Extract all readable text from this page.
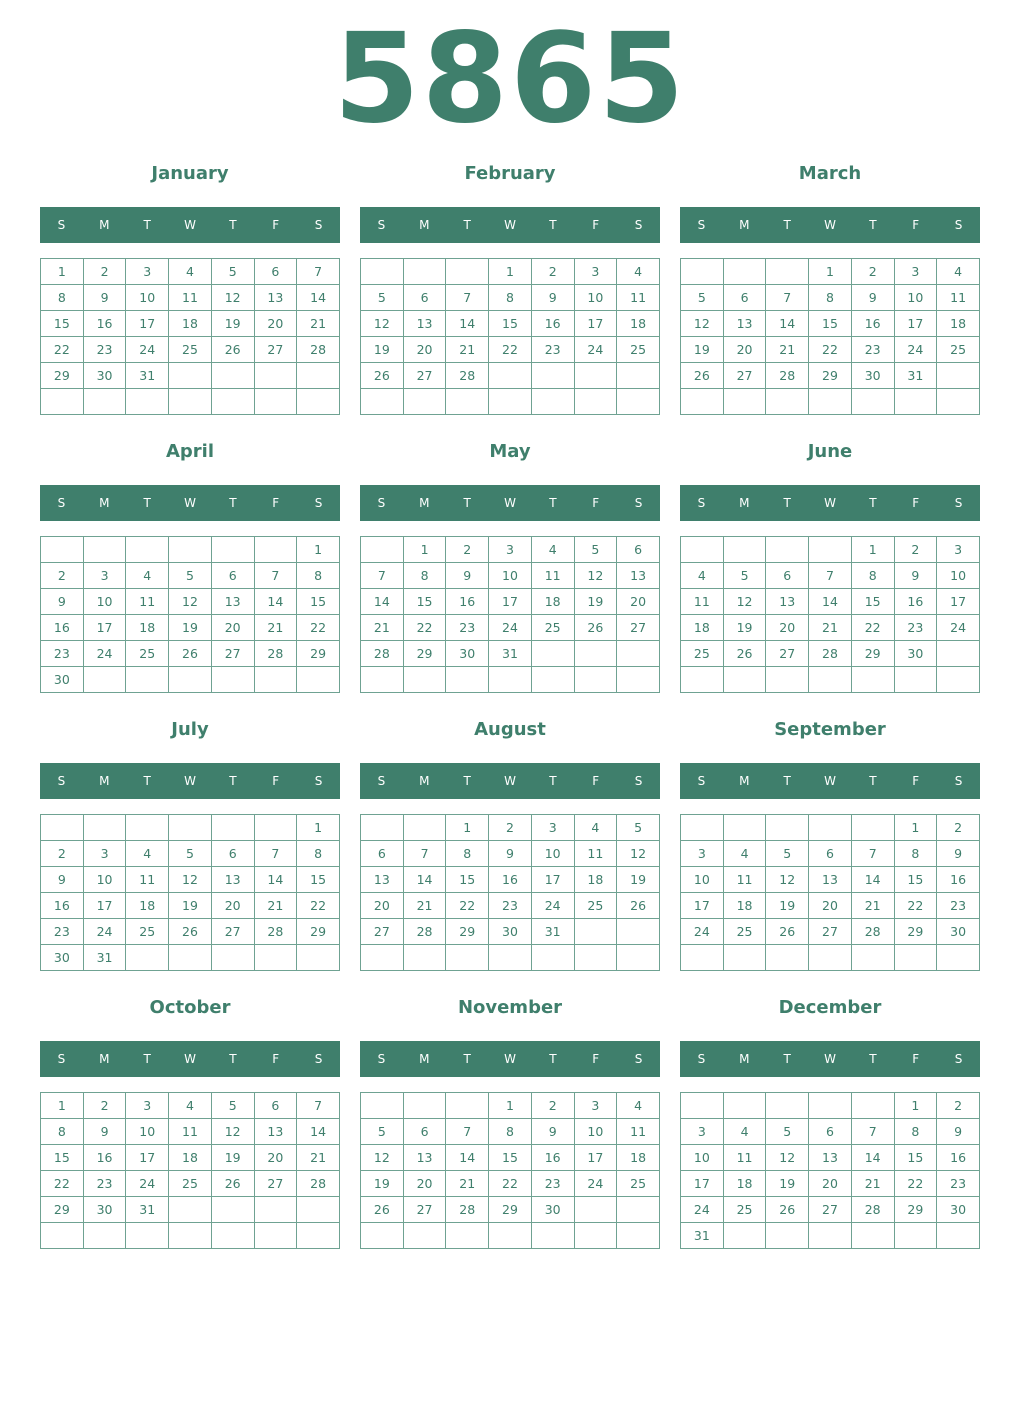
5865
January
S	M	T	W	T	F	S
1	2	3	4	5	6	7
8	9	10	11	12	13	14
15	16	17	18	19	20	21
22	23	24	25	26	27	28
29	30	31				

February
S	M	T	W	T	F	S
			1	2	3	4
5	6	7	8	9	10	11
12	13	14	15	16	17	18
19	20	21	22	23	24	25
26	27	28				

March
S	M	T	W	T	F	S
			1	2	3	4
5	6	7	8	9	10	11
12	13	14	15	16	17	18
19	20	21	22	23	24	25
26	27	28	29	30	31	

April
S	M	T	W	T	F	S
						1
2	3	4	5	6	7	8
9	10	11	12	13	14	15
16	17	18	19	20	21	22
23	24	25	26	27	28	29
30						
May
S	M	T	W	T	F	S
	1	2	3	4	5	6
7	8	9	10	11	12	13
14	15	16	17	18	19	20
21	22	23	24	25	26	27
28	29	30	31			

June
S	M	T	W	T	F	S
				1	2	3
4	5	6	7	8	9	10
11	12	13	14	15	16	17
18	19	20	21	22	23	24
25	26	27	28	29	30	

July
S	M	T	W	T	F	S
						1
2	3	4	5	6	7	8
9	10	11	12	13	14	15
16	17	18	19	20	21	22
23	24	25	26	27	28	29
30	31					
August
S	M	T	W	T	F	S
		1	2	3	4	5
6	7	8	9	10	11	12
13	14	15	16	17	18	19
20	21	22	23	24	25	26
27	28	29	30	31		

September
S	M	T	W	T	F	S
					1	2
3	4	5	6	7	8	9
10	11	12	13	14	15	16
17	18	19	20	21	22	23
24	25	26	27	28	29	30

October
S	M	T	W	T	F	S
1	2	3	4	5	6	7
8	9	10	11	12	13	14
15	16	17	18	19	20	21
22	23	24	25	26	27	28
29	30	31				

November
S	M	T	W	T	F	S
			1	2	3	4
5	6	7	8	9	10	11
12	13	14	15	16	17	18
19	20	21	22	23	24	25
26	27	28	29	30		

December
S	M	T	W	T	F	S
					1	2
3	4	5	6	7	8	9
10	11	12	13	14	15	16
17	18	19	20	21	22	23
24	25	26	27	28	29	30
31						
